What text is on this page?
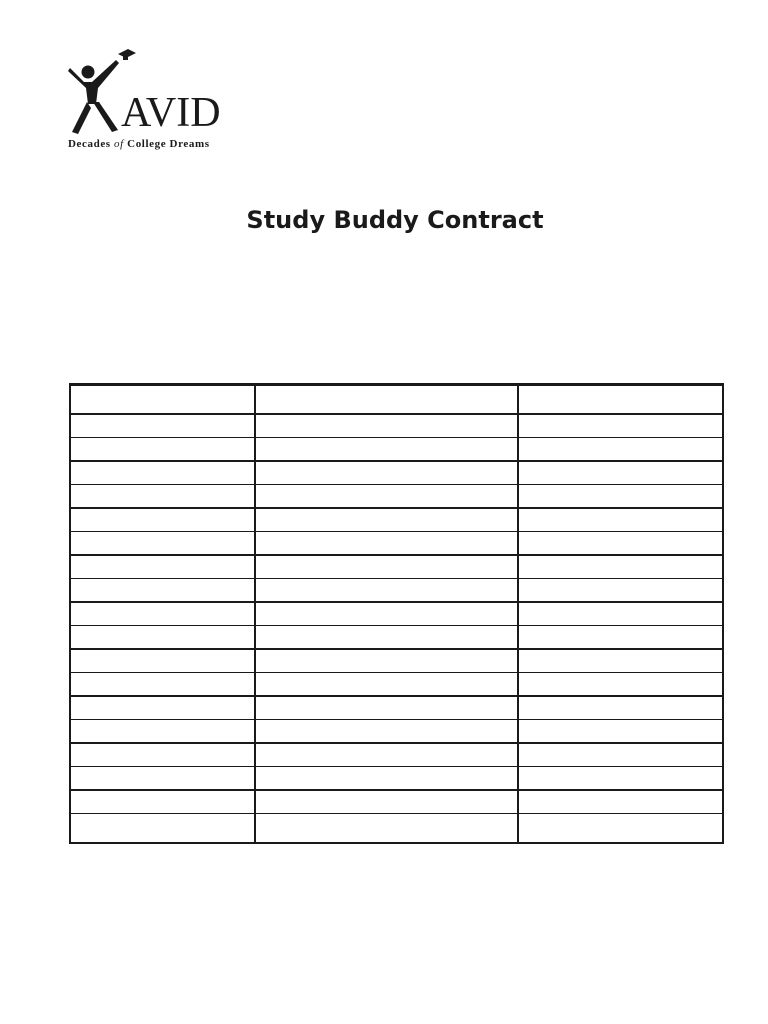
AVID
Decades of College Dreams
Study Buddy Contract
